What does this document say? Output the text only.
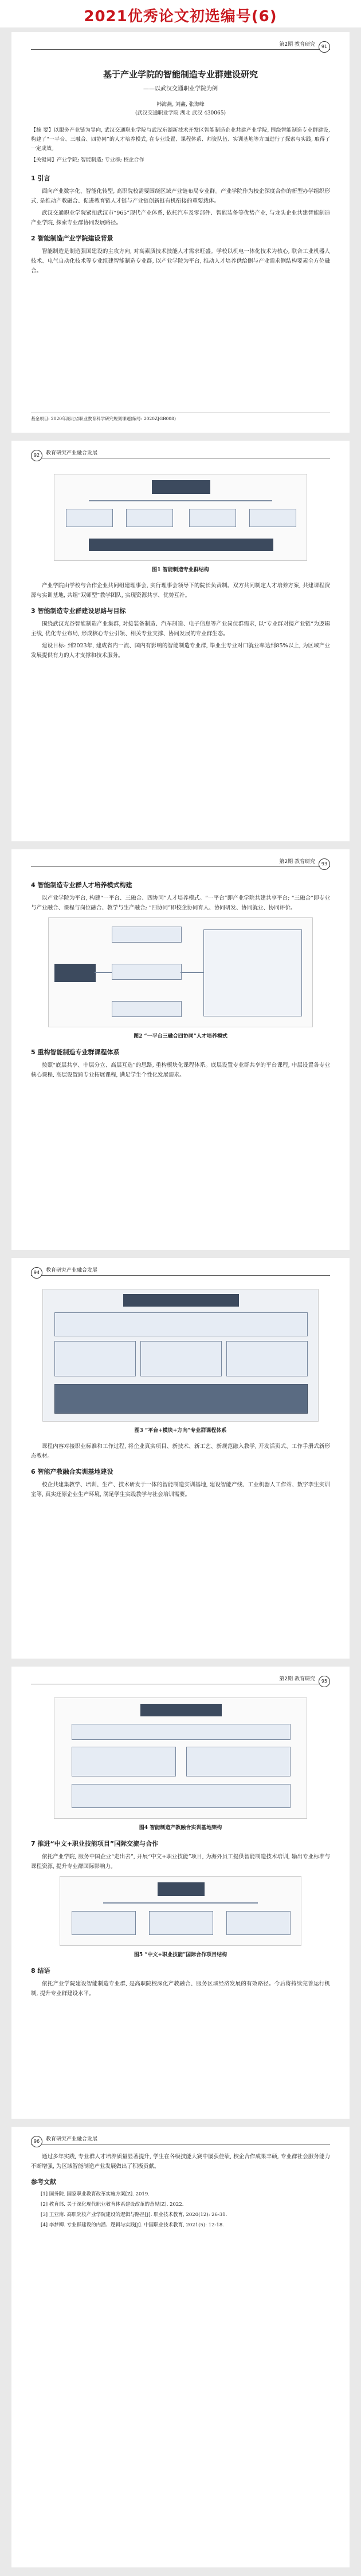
2021优秀论文初选编号(6)
第2期 教育研究	91
基于产业学院的智能制造专业群建设研究
——以武汉交通职业学院为例
韩海燕, 刘鑫, 张海峰
(武汉交通职业学院 湖北 武汉 430065)
【摘 要】以服务产业链为导向, 武汉交通职业学院与武汉东湖新技术开发区智能制造企业共建产业学院, 围绕智能制造专业群建设, 构建了“一平台、三融合、四协同”的人才培养模式, 在专业设置、课程体系、师资队伍、实训基地等方面进行了探索与实践, 取得了一定成效。
【关键词】产业学院; 智能制造; 专业群; 校企合作
1 引言

面向产业数字化、智能化转型, 高职院校需要围绕区域产业链布局专业群。产业学院作为校企深度合作的新型办学组织形式, 是推动产教融合、促进教育链人才链与产业链创新链有机衔接的重要载体。

武汉交通职业学院紧扣武汉市“965”现代产业体系, 依托汽车及零部件、智能装备等优势产业, 与龙头企业共建智能制造产业学院, 探索专业群协同发展路径。

2 智能制造产业学院建设背景

智能制造是制造强国建设的主攻方向, 对高素质技术技能人才需求旺盛。学校以机电一体化技术为核心, 联合工业机器人技术、电气自动化技术等专业组建智能制造专业群, 以产业学院为平台, 推动人才培养供给侧与产业需求侧结构要素全方位融合。

基金项目: 2020年湖北省职业教育科学研究规划课题(编号: 2020ZJGB008)
92	教育研究产业融合发展
图1 智能制造专业群结构

产业学院由学校与合作企业共同组建理事会, 实行理事会领导下的院长负责制。双方共同制定人才培养方案, 共建课程资源与实训基地, 共组“双师型”教学团队, 实现资源共享、优势互补。

3 智能制造专业群建设思路与目标

围绕武汉光谷智能制造产业集群, 对接装备制造、汽车制造、电子信息等产业岗位群需求, 以“专业群对接产业链”为逻辑主线, 优化专业布局, 形成核心专业引领、相关专业支撑、协同发展的专业群生态。

建设目标: 到2023年, 建成省内一流、国内有影响的智能制造专业群, 毕业生专业对口就业率达到85%以上, 为区域产业发展提供有力的人才支撑和技术服务。

第2期 教育研究	93
4 智能制造专业群人才培养模式构建

以产业学院为平台, 构建“一平台、三融合、四协同”人才培养模式。“一平台”即产业学院共建共享平台; “三融合”即专业与产业融合、课程与岗位融合、教学与生产融合; “四协同”即校企协同育人、协同研发、协同就业、协同评价。

图2 “一平台三融合四协同”人才培养模式
5 重构智能制造专业群课程体系

按照“底层共享、中层分立、高层互选”的思路, 重构模块化课程体系。底层设置专业群共享的平台课程, 中层设置各专业核心课程, 高层设置跨专业拓展课程, 满足学生个性化发展需求。

94	教育研究产业融合发展
图3 “平台+模块+方向”专业群课程体系

课程内容对接职业标准和工作过程, 将企业真实项目、新技术、新工艺、新规范融入教学, 开发活页式、工作手册式新形态教材。

6 智能产教融合实训基地建设

校企共建集教学、培训、生产、技术研发于一体的智能制造实训基地, 建设智能产线、工业机器人工作站、数字孪生实训室等, 真实还原企业生产环境, 满足学生实践教学与社会培训需要。

第2期 教育研究	95
图4 智能制造产教融合实训基地架构
7 推进“中文+职业技能项目”国际交流与合作

依托产业学院, 服务中国企业“走出去”, 开展“中文+职业技能”项目, 为海外员工提供智能制造技术培训, 输出专业标准与课程资源, 提升专业群国际影响力。

图5 “中文+职业技能”国际合作项目结构
8 结语

依托产业学院建设智能制造专业群, 是高职院校深化产教融合、服务区域经济发展的有效路径。今后将持续完善运行机制, 提升专业群建设水平。

96	教育研究产业融合发展

通过多年实践, 专业群人才培养质量显著提升, 学生在各级技能大赛中屡获佳绩, 校企合作成果丰硕, 专业群社会服务能力不断增强, 为区域智能制造产业发展做出了积极贡献。

参考文献

[1] 国务院. 国家职业教育改革实施方案[Z]. 2019.

[2] 教育部. 关于深化现代职业教育体系建设改革的意见[Z]. 2022.

[3] 王亚南. 高职院校产业学院建设的逻辑与路径[J]. 职业技术教育, 2020(12): 26-31.

[4] 李梦卿. 专业群建设的内涵、逻辑与实践[J]. 中国职业技术教育, 2021(5): 12-18.
